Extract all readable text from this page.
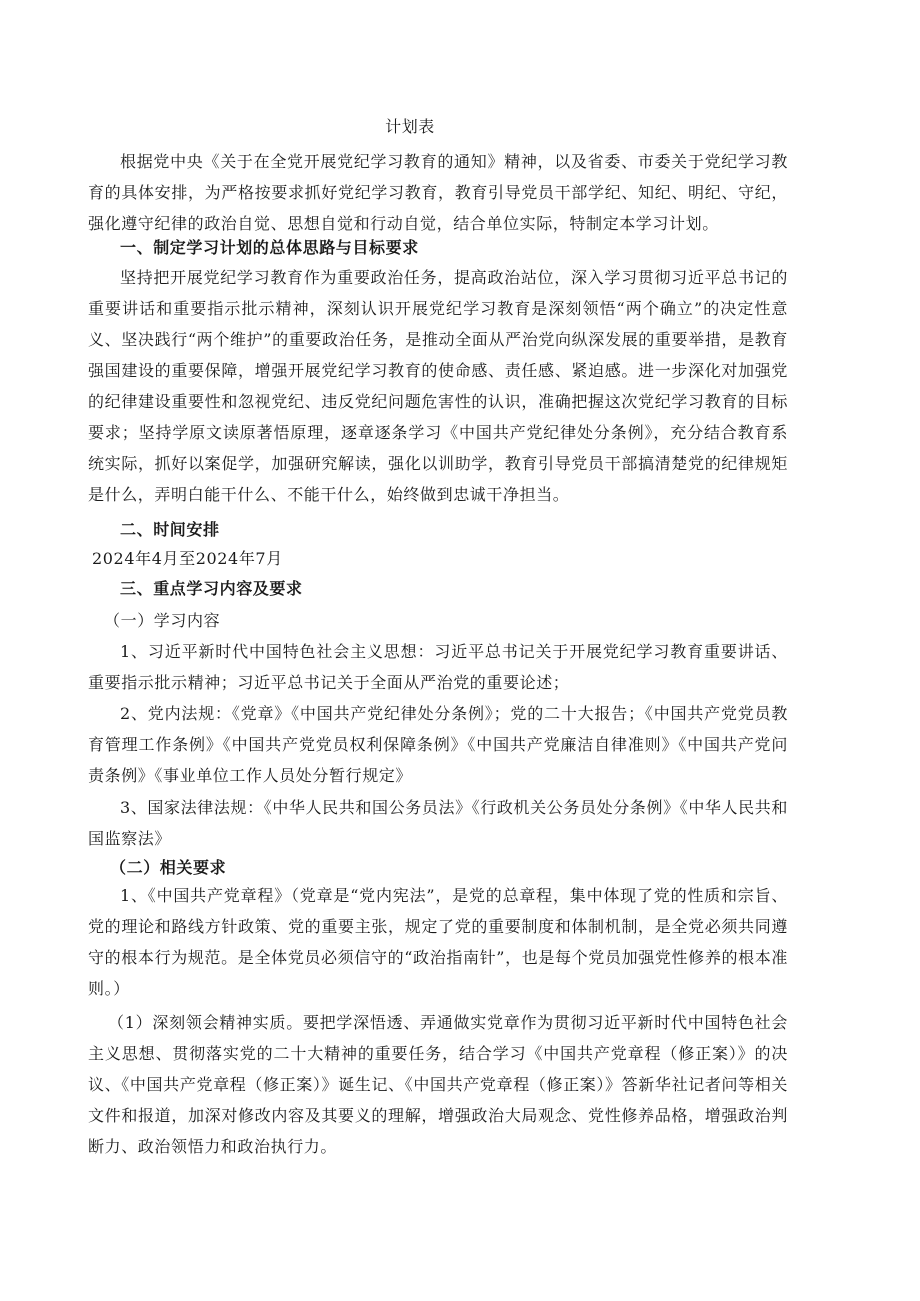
计划表
根据党中央《关于在全党开展党纪学习教育的通知》精神，以及省委、市委关于党纪学习教育的具体安排，为严格按要求抓好党纪学习教育，教育引导党员干部学纪、知纪、明纪、守纪，强化遵守纪律的政治自觉、思想自觉和行动自觉，结合单位实际，特制定本学习计划。
一、制定学习计划的总体思路与目标要求
坚持把开展党纪学习教育作为重要政治任务，提高政治站位，深入学习贯彻习近平总书记的重要讲话和重要指示批示精神，深刻认识开展党纪学习教育是深刻领悟“两个确立”的决定性意义、坚决践行“两个维护”的重要政治任务，是推动全面从严治党向纵深发展的重要举措，是教育强国建设的重要保障，增强开展党纪学习教育的使命感、责任感、紧迫感。进一步深化对加强党的纪律建设重要性和忽视党纪、违反党纪问题危害性的认识，准确把握这次党纪学习教育的目标要求；坚持学原文读原著悟原理，逐章逐条学习《中国共产党纪律处分条例》，充分结合教育系统实际，抓好以案促学，加强研究解读，强化以训助学，教育引导党员干部搞清楚党的纪律规矩是什么，弄明白能干什么、不能干什么，始终做到忠诚干净担当。
二、时间安排
2024年4月至2024年7月
三、重点学习内容及要求
（一）学习内容
1、习近平新时代中国特色社会主义思想：习近平总书记关于开展党纪学习教育重要讲话、重要指示批示精神；习近平总书记关于全面从严治党的重要论述；
2、党内法规：《党章》《中国共产党纪律处分条例》；党的二十大报告；《中国共产党党员教育管理工作条例》《中国共产党党员权利保障条例》《中国共产党廉洁自律准则》《中国共产党问责条例》《事业单位工作人员处分暂行规定》
3、国家法律法规：《中华人民共和国公务员法》《行政机关公务员处分条例》《中华人民共和国监察法》
（二）相关要求
1、《中国共产党章程》（党章是“党内宪法”，是党的总章程，集中体现了党的性质和宗旨、党的理论和路线方针政策、党的重要主张，规定了党的重要制度和体制机制，是全党必须共同遵守的根本行为规范。是全体党员必须信守的“政治指南针”，也是每个党员加强党性修养的根本准则。）
（1）深刻领会精神实质。要把学深悟透、弄通做实党章作为贯彻习近平新时代中国特色社会主义思想、贯彻落实党的二十大精神的重要任务，结合学习《中国共产党章程（修正案）》的决议、《中国共产党章程（修正案）》诞生记、《中国共产党章程（修正案）》答新华社记者问等相关文件和报道，加深对修改内容及其要义的理解，增强政治大局观念、党性修养品格，增强政治判断力、政治领悟力和政治执行力。
